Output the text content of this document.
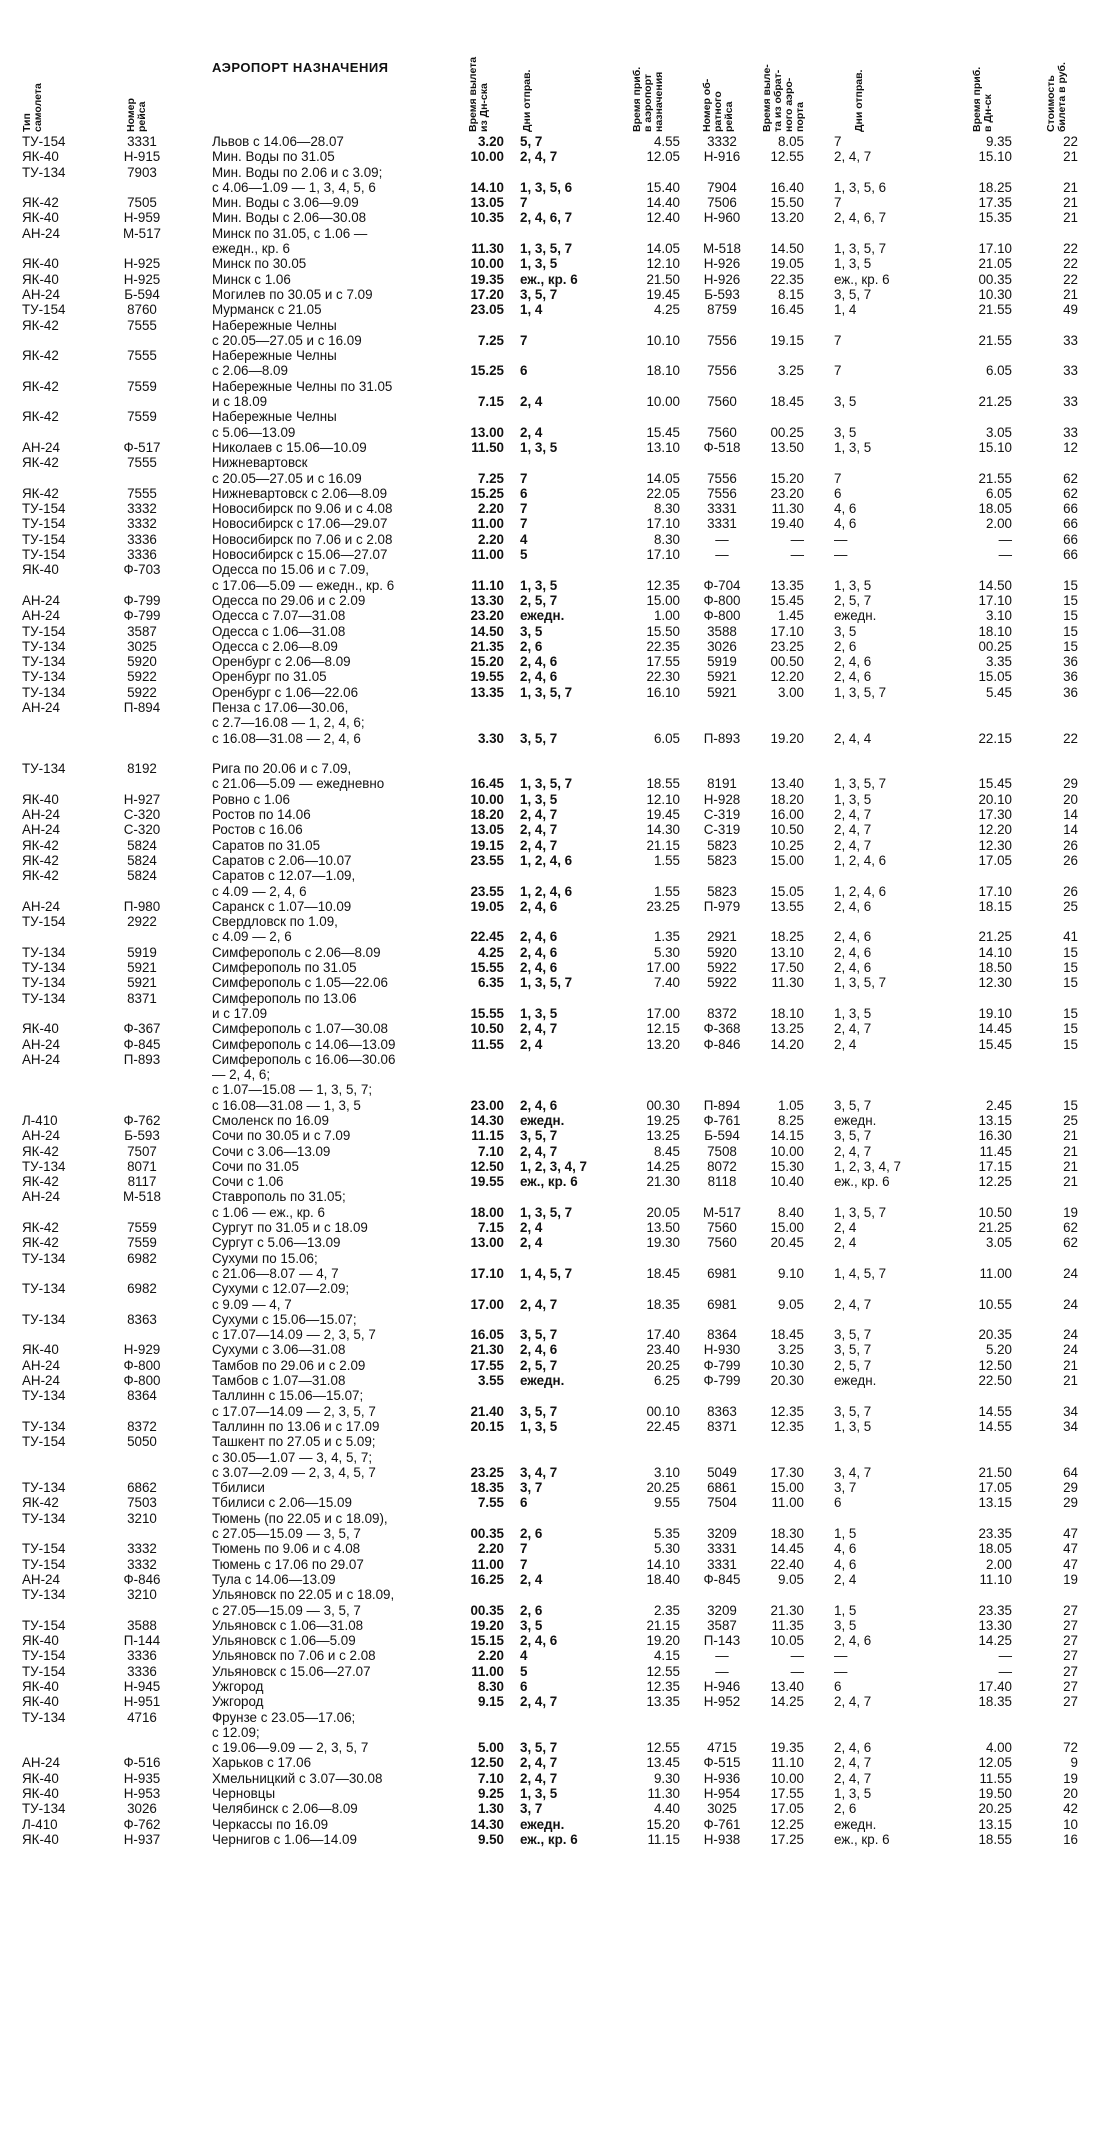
Тип
самолета	Номер
рейса
АЭРОПОРТ НАЗНАЧЕНИЯ
Время вылета
из Дн-ска	Дни отправ.	Время приб.
в аэропорт
назначения	Номер об-
ратного
рейса Время выле-
та из обрат-
ного аэро-
порта	Дни отправ.	Время приб.
в Дн-ск	Стоимость
билета в руб.
ТУ-154	3331	Львов с 14.06—28.07	3.20 5, 7	4.55	3332	8.05 7	9.35	22
ЯК-40	Н-915	Мин. Воды по 31.05	10.00 2, 4, 7	12.05	Н-916	12.55 2, 4, 7	15.10	21
ТУ-134	7903	Мин. Воды по 2.06 и с 3.09;
с 4.06—1.09 — 1, 3, 4, 5, 6	14.10 1, 3, 5, 6	15.40	7904	16.40 1, 3, 5, 6	18.25	21
ЯК-42	7505	Мин. Воды с 3.06—9.09	13.05 7	14.40	7506	15.50 7	17.35	21
ЯК-40	Н-959	Мин. Воды с 2.06—30.08	10.35 2, 4, 6, 7	12.40	Н-960	13.20 2, 4, 6, 7	15.35	21
АН-24	М-517	Минск по 31.05, с 1.06 —
ежедн., кр. 6	11.30 1, 3, 5, 7	14.05	М-518	14.50 1, 3, 5, 7	17.10	22
ЯК-40	Н-925	Минск по 30.05	10.00 1, 3, 5	12.10	Н-926	19.05 1, 3, 5	21.05	22
ЯК-40	Н-925	Минск с 1.06	19.35 еж., кр. 6	21.50	Н-926	22.35 еж., кр. 6	00.35	22
АН-24	Б-594	Могилев по 30.05 и с 7.09	17.20 3, 5, 7	19.45	Б-593	8.15 3, 5, 7	10.30	21
ТУ-154	8760	Мурманск с 21.05	23.05 1, 4	4.25	8759	16.45 1, 4	21.55	49
ЯК-42	7555	Набережные Челны
с 20.05—27.05 и с 16.09	7.25 7	10.10	7556	19.15 7	21.55	33
ЯК-42	7555	Набережные Челны
с 2.06—8.09	15.25 6	18.10	7556	3.25 7	6.05	33
ЯК-42	7559	Набережные Челны по 31.05
и с 18.09	7.15 2, 4	10.00	7560	18.45 3, 5	21.25	33
ЯК-42	7559	Набережные Челны
с 5.06—13.09	13.00 2, 4	15.45	7560	00.25 3, 5	3.05	33
АН-24	Ф-517	Николаев с 15.06—10.09	11.50 1, 3, 5	13.10	Ф-518	13.50 1, 3, 5	15.10	12
ЯК-42	7555	Нижневартовск
с 20.05—27.05 и с 16.09	7.25 7	14.05	7556	15.20 7	21.55	62
ЯК-42	7555	Нижневартовск с 2.06—8.09	15.25 6	22.05	7556	23.20 6	6.05	62
ТУ-154	3332	Новосибирск по 9.06 и с 4.08	2.20 7	8.30	3331	11.30 4, 6	18.05	66
ТУ-154	3332	Новосибирск с 17.06—29.07	11.00 7	17.10	3331	19.40 4, 6	2.00	66
ТУ-154	3336	Новосибирск по 7.06 и с 2.08	2.20 4	8.30	—	— —	—	66
ТУ-154	3336	Новосибирск с 15.06—27.07	11.00 5	17.10	—	— —	—	66
ЯК-40	Ф-703	Одесса по 15.06 и с 7.09,
с 17.06—5.09 — ежедн., кр. 6	11.10 1, 3, 5	12.35	Ф-704	13.35 1, 3, 5	14.50	15
АН-24	Ф-799	Одесса по 29.06 и с 2.09	13.30 2, 5, 7	15.00	Ф-800	15.45 2, 5, 7	17.10	15
АН-24	Ф-799	Одесса с 7.07—31.08	23.20 ежедн.	1.00	Ф-800	1.45 ежедн.	3.10	15
ТУ-154	3587	Одесса с 1.06—31.08	14.50 3, 5	15.50	3588	17.10 3, 5	18.10	15
ТУ-134	3025	Одесса с 2.06—8.09	21.35 2, 6	22.35	3026	23.25 2, 6	00.25	15
ТУ-134	5920	Оренбург с 2.06—8.09	15.20 2, 4, 6	17.55	5919	00.50 2, 4, 6	3.35	36
ТУ-134	5922	Оренбург по 31.05	19.55 2, 4, 6	22.30	5921	12.20 2, 4, 6	15.05	36
ТУ-134	5922	Оренбург с 1.06—22.06	13.35 1, 3, 5, 7	16.10	5921	3.00 1, 3, 5, 7	5.45	36
АН-24	П-894	Пенза с 17.06—30.06,
с 2.7—16.08 — 1, 2, 4, 6;
с 16.08—31.08 — 2, 4, 6	3.30 3, 5, 7	6.05	П-893	19.20 2, 4, 4	22.15	22
ТУ-134	8192	Рига по 20.06 и с 7.09,
с 21.06—5.09 — ежедневно	16.45 1, 3, 5, 7	18.55	8191	13.40 1, 3, 5, 7	15.45	29
ЯК-40	Н-927	Ровно с 1.06	10.00 1, 3, 5	12.10	Н-928	18.20 1, 3, 5	20.10	20
АН-24	С-320	Ростов по 14.06	18.20 2, 4, 7	19.45	С-319	16.00 2, 4, 7	17.30	14
АН-24	С-320	Ростов с 16.06	13.05 2, 4, 7	14.30	С-319	10.50 2, 4, 7	12.20	14
ЯК-42	5824	Саратов по 31.05	19.15 2, 4, 7	21.15	5823	10.25 2, 4, 7	12.30	26
ЯК-42	5824	Саратов с 2.06—10.07	23.55 1, 2, 4, 6	1.55	5823	15.00 1, 2, 4, 6	17.05	26
ЯК-42	5824	Саратов с 12.07—1.09,
с 4.09 — 2, 4, 6	23.55 1, 2, 4, 6	1.55	5823	15.05 1, 2, 4, 6	17.10	26
АН-24	П-980	Саранск с 1.07—10.09	19.05 2, 4, 6	23.25	П-979	13.55 2, 4, 6	18.15	25
ТУ-154	2922	Свердловск по 1.09,
с 4.09 — 2, 6	22.45 2, 4, 6	1.35	2921	18.25 2, 4, 6	21.25	41
ТУ-134	5919	Симферополь с 2.06—8.09	4.25 2, 4, 6	5.30	5920	13.10 2, 4, 6	14.10	15
ТУ-134	5921	Симферополь по 31.05	15.55 2, 4, 6	17.00	5922	17.50 2, 4, 6	18.50	15
ТУ-134	5921	Симферополь с 1.05—22.06	6.35 1, 3, 5, 7	7.40	5922	11.30 1, 3, 5, 7	12.30	15
ТУ-134	8371	Симферополь по 13.06
и с 17.09	15.55 1, 3, 5	17.00	8372	18.10 1, 3, 5	19.10	15
ЯК-40	Ф-367	Симферополь с 1.07—30.08	10.50 2, 4, 7	12.15	Ф-368	13.25 2, 4, 7	14.45	15
АН-24	Ф-845	Симферополь с 14.06—13.09	11.55 2, 4	13.20	Ф-846	14.20 2, 4	15.45	15
АН-24	П-893	Симферополь с 16.06—30.06
— 2, 4, 6;
с 1.07—15.08 — 1, 3, 5, 7;
с 16.08—31.08 — 1, 3, 5	23.00 2, 4, 6	00.30	П-894	1.05 3, 5, 7	2.45	15
Л-410	Ф-762	Смоленск по 16.09	14.30 ежедн.	19.25	Ф-761	8.25 ежедн.	13.15	25
АН-24	Б-593	Сочи по 30.05 и с 7.09	11.15 3, 5, 7	13.25	Б-594	14.15 3, 5, 7	16.30	21
ЯК-42	7507	Сочи с 3.06—13.09	7.10 2, 4, 7	8.45	7508	10.00 2, 4, 7	11.45	21
ТУ-134	8071	Сочи по 31.05	12.50 1, 2, 3, 4, 7	14.25	8072	15.30 1, 2, 3, 4, 7	17.15	21
ЯК-42	8117	Сочи с 1.06	19.55 еж., кр. 6	21.30	8118	10.40 еж., кр. 6	12.25	21
АН-24	М-518	Ставрополь по 31.05;
с 1.06 — еж., кр. 6	18.00 1, 3, 5, 7	20.05	М-517	8.40 1, 3, 5, 7	10.50	19
ЯК-42	7559	Сургут по 31.05 и с 18.09	7.15 2, 4	13.50	7560	15.00 2, 4	21.25	62
ЯК-42	7559	Сургут с 5.06—13.09	13.00 2, 4	19.30	7560	20.45 2, 4	3.05	62
ТУ-134	6982	Сухуми по 15.06;
с 21.06—8.07 — 4, 7	17.10 1, 4, 5, 7	18.45	6981	9.10 1, 4, 5, 7	11.00	24
ТУ-134	6982	Сухуми с 12.07—2.09;
с 9.09 — 4, 7	17.00 2, 4, 7	18.35	6981	9.05 2, 4, 7	10.55	24
ТУ-134	8363	Сухуми с 15.06—15.07;
с 17.07—14.09 — 2, 3, 5, 7	16.05 3, 5, 7	17.40	8364	18.45 3, 5, 7	20.35	24
ЯК-40	Н-929	Сухуми с 3.06—31.08	21.30 2, 4, 6	23.40	Н-930	3.25 3, 5, 7	5.20	24
АН-24	Ф-800	Тамбов по 29.06 и с 2.09	17.55 2, 5, 7	20.25	Ф-799	10.30 2, 5, 7	12.50	21
АН-24	Ф-800	Тамбов с 1.07—31.08	3.55 ежедн.	6.25	Ф-799	20.30 ежедн.	22.50	21
ТУ-134	8364	Таллинн с 15.06—15.07;
с 17.07—14.09 — 2, 3, 5, 7	21.40 3, 5, 7	00.10	8363	12.35 3, 5, 7	14.55	34
ТУ-134	8372	Таллинн по 13.06 и с 17.09	20.15 1, 3, 5	22.45	8371	12.35 1, 3, 5	14.55	34
ТУ-154	5050	Ташкент по 27.05 и с 5.09;
с 30.05—1.07 — 3, 4, 5, 7;
с 3.07—2.09 — 2, 3, 4, 5, 7	23.25 3, 4, 7	3.10	5049	17.30 3, 4, 7	21.50	64
ТУ-134	6862	Тбилиси	18.35 3, 7	20.25	6861	15.00 3, 7	17.05	29
ЯК-42	7503	Тбилиси с 2.06—15.09	7.55 6	9.55	7504	11.00 6	13.15	29
ТУ-134	3210	Тюмень (по 22.05 и с 18.09),
с 27.05—15.09 — 3, 5, 7	00.35 2, 6	5.35	3209	18.30 1, 5	23.35	47
ТУ-154	3332	Тюмень по 9.06 и с 4.08	2.20 7	5.30	3331	14.45 4, 6	18.05	47
ТУ-154	3332	Тюмень с 17.06 по 29.07	11.00 7	14.10	3331	22.40 4, 6	2.00	47
АН-24	Ф-846	Тула с 14.06—13.09	16.25 2, 4	18.40	Ф-845	9.05 2, 4	11.10	19
ТУ-134	3210	Ульяновск по 22.05 и с 18.09,
с 27.05—15.09 — 3, 5, 7	00.35 2, 6	2.35	3209	21.30 1, 5	23.35	27
ТУ-154	3588	Ульяновск с 1.06—31.08	19.20 3, 5	21.15	3587	11.35 3, 5	13.30	27
ЯК-40	П-144	Ульяновск с 1.06—5.09	15.15 2, 4, 6	19.20	П-143	10.05 2, 4, 6	14.25	27
ТУ-154	3336	Ульяновск по 7.06 и с 2.08	2.20 4	4.15	—	— —	—	27
ТУ-154	3336	Ульяновск с 15.06—27.07	11.00 5	12.55	—	— —	—	27
ЯК-40	Н-945	Ужгород	8.30 6	12.35	Н-946	13.40 6	17.40	27
ЯК-40	Н-951	Ужгород	9.15 2, 4, 7	13.35	Н-952	14.25 2, 4, 7	18.35	27
ТУ-134	4716	Фрунзе с 23.05—17.06;
с 12.09;
с 19.06—9.09 — 2, 3, 5, 7	5.00 3, 5, 7	12.55	4715	19.35 2, 4, 6	4.00	72
АН-24	Ф-516	Харьков с 17.06	12.50 2, 4, 7	13.45	Ф-515	11.10 2, 4, 7	12.05	9
ЯК-40	Н-935	Хмельницкий с 3.07—30.08	7.10 2, 4, 7	9.30	Н-936	10.00 2, 4, 7	11.55	19
ЯК-40	Н-953	Черновцы	9.25 1, 3, 5	11.30	Н-954	17.55 1, 3, 5	19.50	20
ТУ-134	3026	Челябинск с 2.06—8.09	1.30 3, 7	4.40	3025	17.05 2, 6	20.25	42
Л-410	Ф-762	Черкассы по 16.09	14.30 ежедн.	15.20	Ф-761	12.25 ежедн.	13.15	10
ЯК-40	Н-937	Чернигов с 1.06—14.09	9.50 еж., кр. 6	11.15	Н-938	17.25 еж., кр. 6	18.55	16
